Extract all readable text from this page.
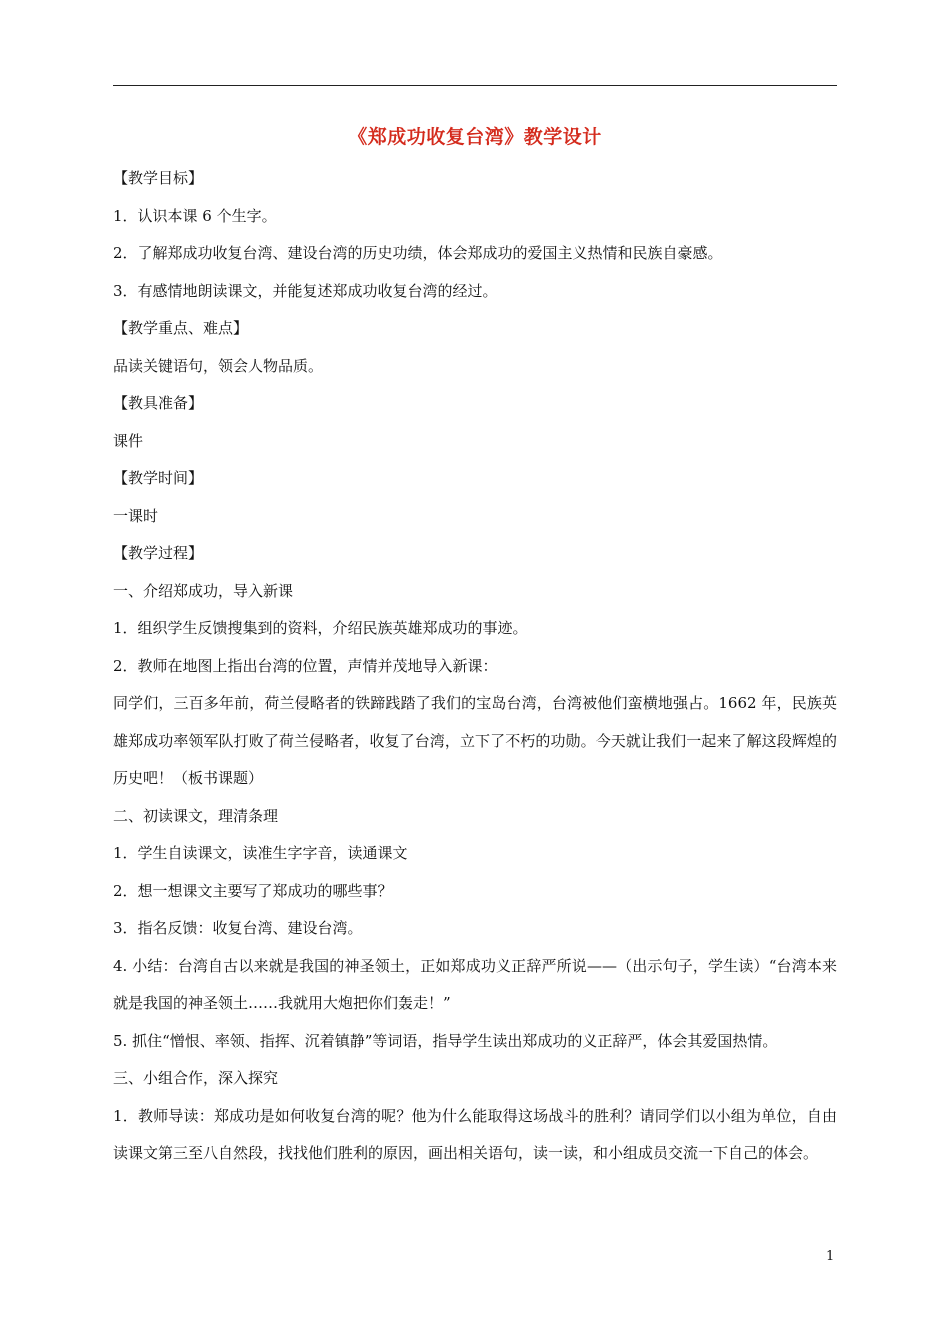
《郑成功收复台湾》教学设计

【教学目标】

1．认识本课 6 个生字。

2．了解郑成功收复台湾、建设台湾的历史功绩，体会郑成功的爱国主义热情和民族自豪感。

3．有感情地朗读课文，并能复述郑成功收复台湾的经过。

【教学重点、难点】

品读关键语句，领会人物品质。

【教具准备】

课件

【教学时间】

一课时

【教学过程】

一、介绍郑成功，导入新课

1．组织学生反馈搜集到的资料，介绍民族英雄郑成功的事迹。

2．教师在地图上指出台湾的位置，声情并茂地导入新课：

同学们，三百多年前，荷兰侵略者的铁蹄践踏了我们的宝岛台湾，台湾被他们蛮横地强占。1662 年，民族英雄郑成功率领军队打败了荷兰侵略者，收复了台湾，立下了不朽的功勋。今天就让我们一起来了解这段辉煌的历史吧！（板书课题）

二、初读课文，理清条理

1．学生自读课文，读准生字字音，读通课文

2．想一想课文主要写了郑成功的哪些事？

3．指名反馈：收复台湾、建设台湾。

4. 小结：台湾自古以来就是我国的神圣领土，正如郑成功义正辞严所说——（出示句子，学生读）“台湾本来就是我国的神圣领土……我就用大炮把你们轰走！”

5. 抓住“憎恨、率领、指挥、沉着镇静”等词语，指导学生读出郑成功的义正辞严，体会其爱国热情。

三、小组合作，深入探究

1．教师导读：郑成功是如何收复台湾的呢？他为什么能取得这场战斗的胜利？请同学们以小组为单位，自由读课文第三至八自然段，找找他们胜利的原因，画出相关语句，读一读，和小组成员交流一下自己的体会。

1
